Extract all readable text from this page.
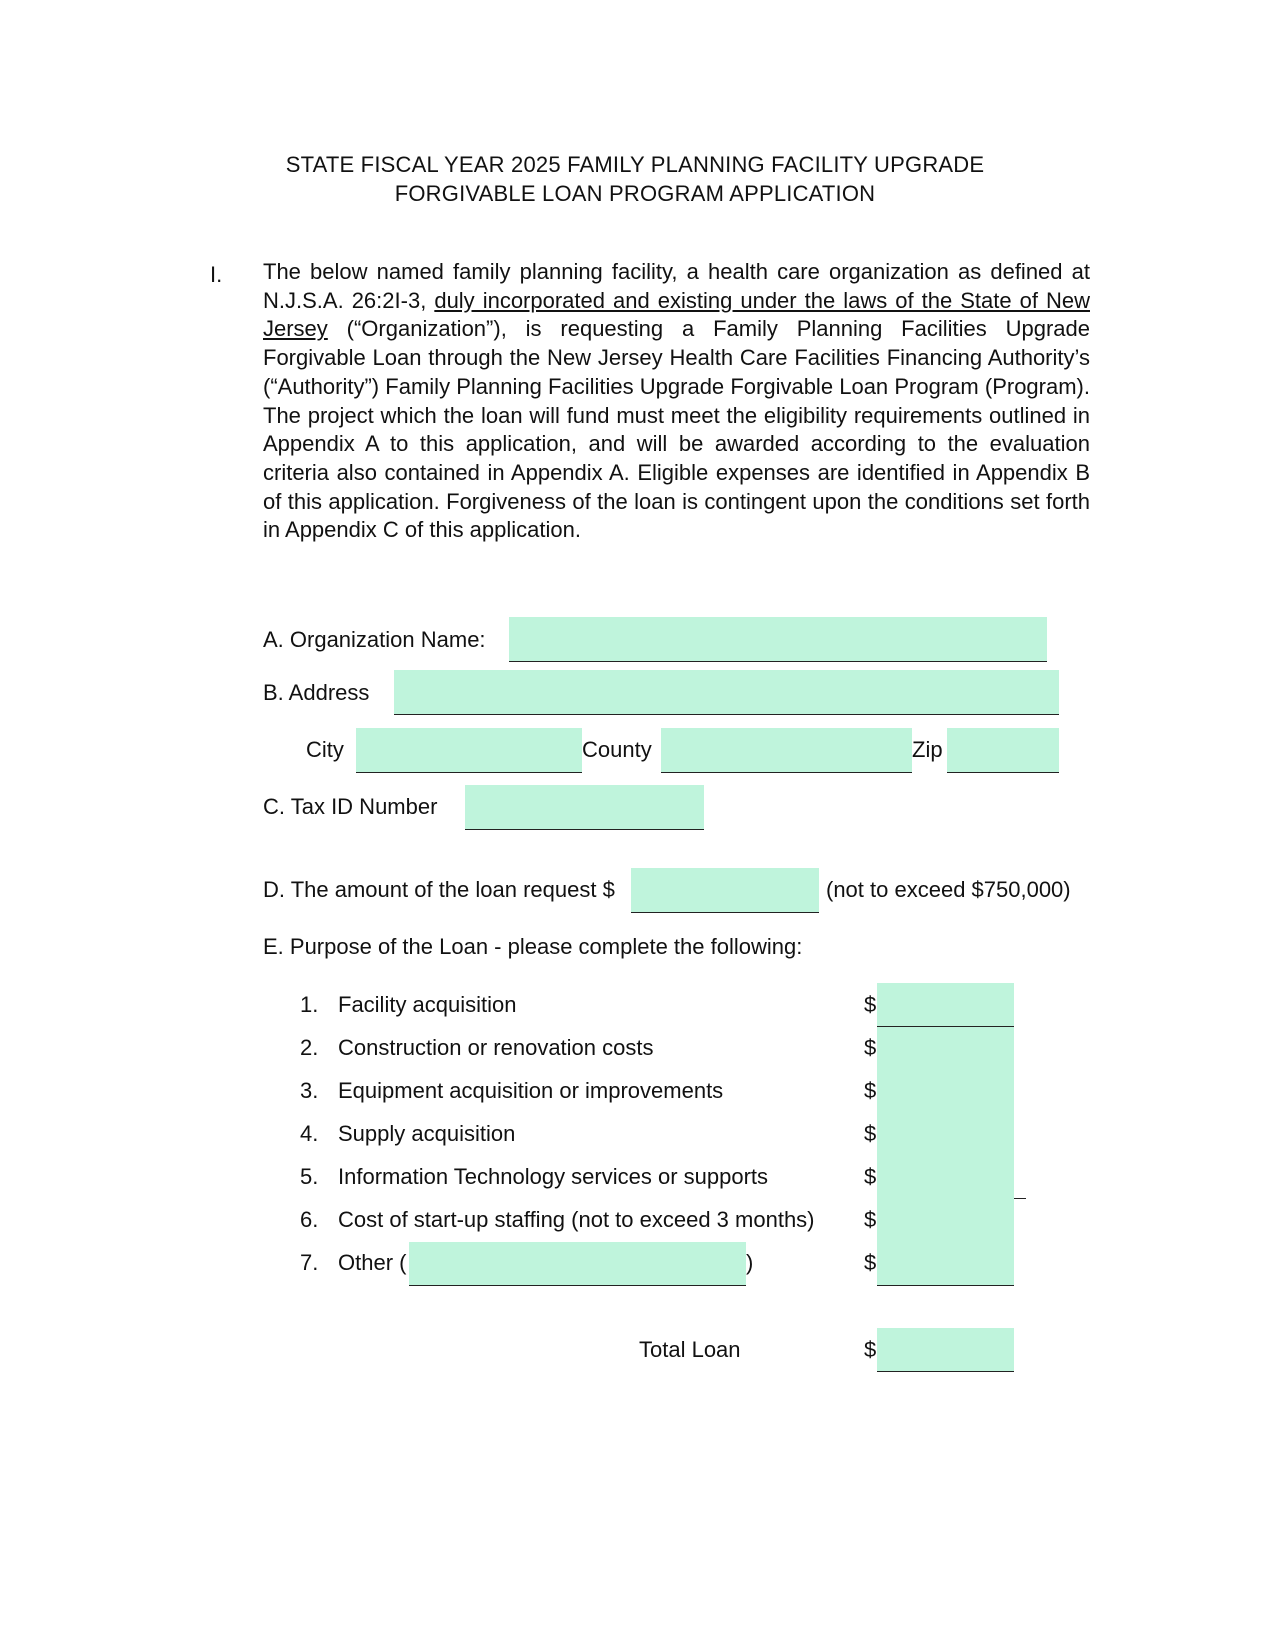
STATE FISCAL YEAR 2025 FAMILY PLANNING FACILITY UPGRADE
FORGIVABLE LOAN PROGRAM APPLICATION
I. The below named family planning facility, a health care organization as defined at N.J.S.A. 26:2I-3, duly incorporated and existing under the laws of the State of New Jersey (“Organization”), is requesting a Family Planning Facilities Upgrade Forgivable Loan through the New Jersey Health Care Facilities Financing Authority’s (“Authority”) Family Planning Facilities Upgrade Forgivable Loan Program (Program). The project which the loan will fund must meet the eligibility requirements outlined in Appendix A to this application, and will be awarded according to the evaluation criteria also contained in Appendix A. Eligible expenses are identified in Appendix B of this application. Forgiveness of the loan is contingent upon the conditions set forth in Appendix C of this application.
A. Organization Name:
B. Address
City	County	Zip
C. Tax ID Number
D. The amount of the loan request $	(not to exceed $750,000)
E. Purpose of the Loan - please complete the following:
1. Facility acquisition	$
2. Construction or renovation costs	$
3. Equipment acquisition or improvements	$
4. Supply acquisition	$
5. Information Technology services or supports	$
6. Cost of start-up staffing (not to exceed 3 months) $
7. Other (	)	$
Total Loan	$
